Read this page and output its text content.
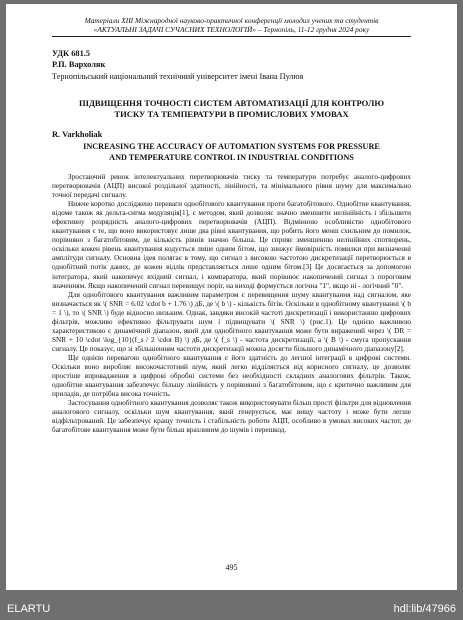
Матеріали XIII Міжнародної науково-практичної конференції молодих учених та студентів
«АКТУАЛЬНІ ЗАДАЧІ СУЧАСНИХ ТЕХНОЛОГІЙ» – Тернопіль, 11-12 грудня 2024 року
УДК 681.5
Р.П. Вархоляк
Тернопільський національний технічний університет імені Івана Пулюя
ПІДВИЩЕННЯ ТОЧНОСТІ СИСТЕМ АВТОМАТИЗАЦІЇ ДЛЯ КОНТРОЛЮ
ТИСКУ ТА ТЕМПЕРАТУРИ В ПРОМИСЛОВИХ УМОВАХ
R. Varkholiak
INCREASING THE ACCURACY OF AUTOMATION SYSTEMS FOR PRESSURE
AND TEMPERATURE CONTROL IN INDUSTRIAL CONDITIONS

Зростаючий ринок інтелектуальних перетворювачів тиску та температури потребує аналого-цифрових перетворювачів (АЦП) високої роздільної здатності, лінійності, та мінімального рівня шуму для максимально точної передачі сигналу.

Нижче коротко досліджено переваги однобітового квантування проти багатобітового. Однобітне квантування, відоме також як дельта-сигма модуляція[1], є методом, який дозволяє значно зменшити нелінійність і збільшити ефективну розрядність аналого-цифрових перетворювачів (АЦП). Відмінною особливістю однобітового квантування є те, що воно використовує лише два рівні квантування, що робить його менш схильним до помилок, порівняно з багатобітовим, де кількість рівнів значно більша. Це сприяє зменшенню нелінійних спотворень, оскільки кожен рівень квантування кодується лише одним бітом, що знижує ймовірність помилки при визначенні амплітуди сигналу. Основна ідея полягає в тому, що сигнал з високою частотою дискретизації перетворюється в однобітний потік даних, де кожен відлік представляється лише одним бітом.[3] Це досягається за допомогою інтегратора, який накопичує вхідний сигнал, і компаратора, який порівнює накопичений сигнал з пороговим значенням. Якщо накопичений сигнал перевищує поріг, на виході формується логічна "1", якщо ні - логічний "0".

Для однобітового квантування важливим параметром є перевищення шуму квантування над сигналом, яке визначається як \( SNR = 6.02 \cdot b + 1.76 \) дБ, де \( b \) - кількість бітів. Оскільки в однобітному квантуванні \( b = 1 \), то \( SNR \) буде відносно низьким. Однак, завдяки високій частоті дискретизації і використанню цифрових фільтрів, можливо ефективно фільтрувати шум і підвищувати \( SNR \) (рис.1). Це однією важливою характеристикою є динамічний діапазон, який для однобітного квантування може бути виражений через \( DR = SNR + 10 \cdot \log_{10}(f_s / 2 \cdot B) \) дБ, де \( f_s \) - частота дискретизації, а \( B \) - смуга пропускання сигналу. Це показує, що зі збільшенням частоти дискретизації можна досягти більшого динамічного діапазону[2].

Ще однією перевагою однобітного квантування є його здатність до легшої інтеграції в цифрові системи. Оскільки воно виробляє високочастотний шум, який легко відділяється від корисного сигналу, це дозволяє простіше впровадження в цифрові обробні системи без необхідності складних аналогових фільтрів. Також, однобітне квантування забезпечує більшу лінійність у порівнянні з багатобітовим, що є критично важливим для приладів, де потрібна висока точність.

Застосування однобітного квантування дозволяє також використовувати більш прості фільтри для відновлення аналогового сигналу, оскільки шум квантування, який генерується, має вищу частоту і може бути легше відфільтрований. Це забезпечує кращу точність і стабільність роботи АЦП, особливо в умовах високих частот, де багатобітове квантування може бути більш вразливим до шумів і перешкод.

495
ELARTU	hdl:lib/47966
